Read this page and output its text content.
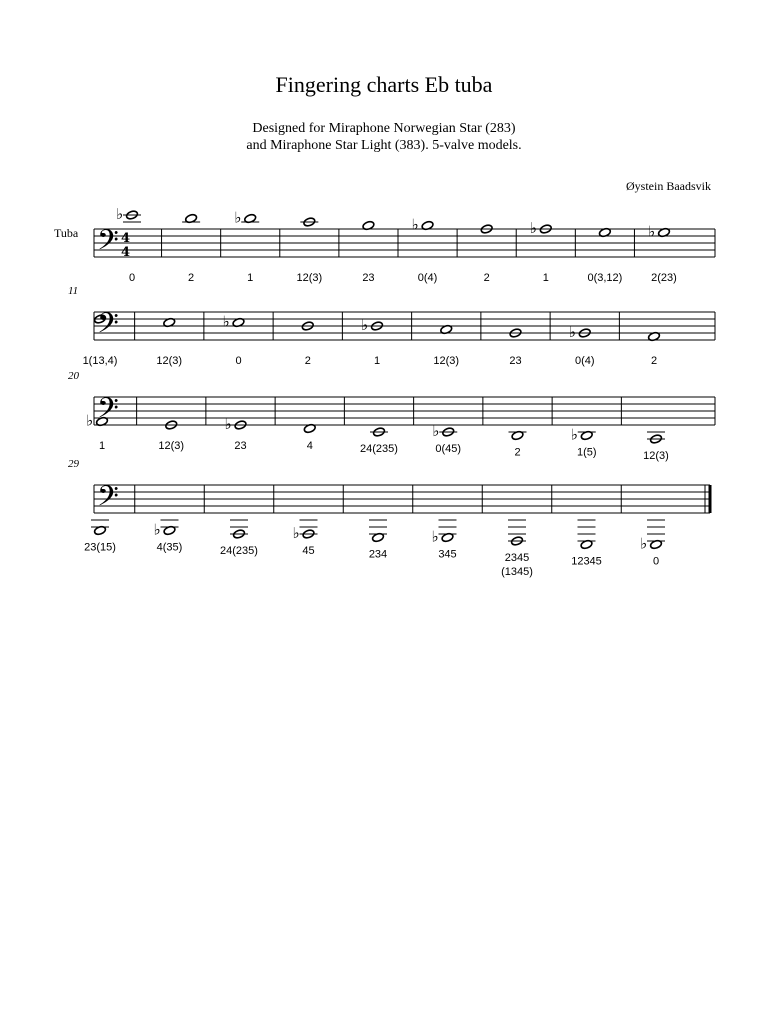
Fingering charts Eb tuba
Designed for Miraphone Norwegian Star (283)
and Miraphone Star Light (383). 5-valve models.
Øystein Baadsvik
Tuba 𝄢 4
4
♭
0	2
♭
1	12(3)	23
♭
0(4)	2
♭
1	0(3,12)
♭
2(23)
𝄢
11
1(13,4)	12(3)
♭
0	2
♭
1	12(3)	23
♭
0(4)	2
𝄢
20
♭
1	12(3)
♭
23	4	24(235)
♭
0(45)	2
♭
1(5)	12(3)
𝄢
29
23(15)
♭
4(35)	24(235)
♭
45	234
♭
345	2345
(1345)
12345
♭
0
